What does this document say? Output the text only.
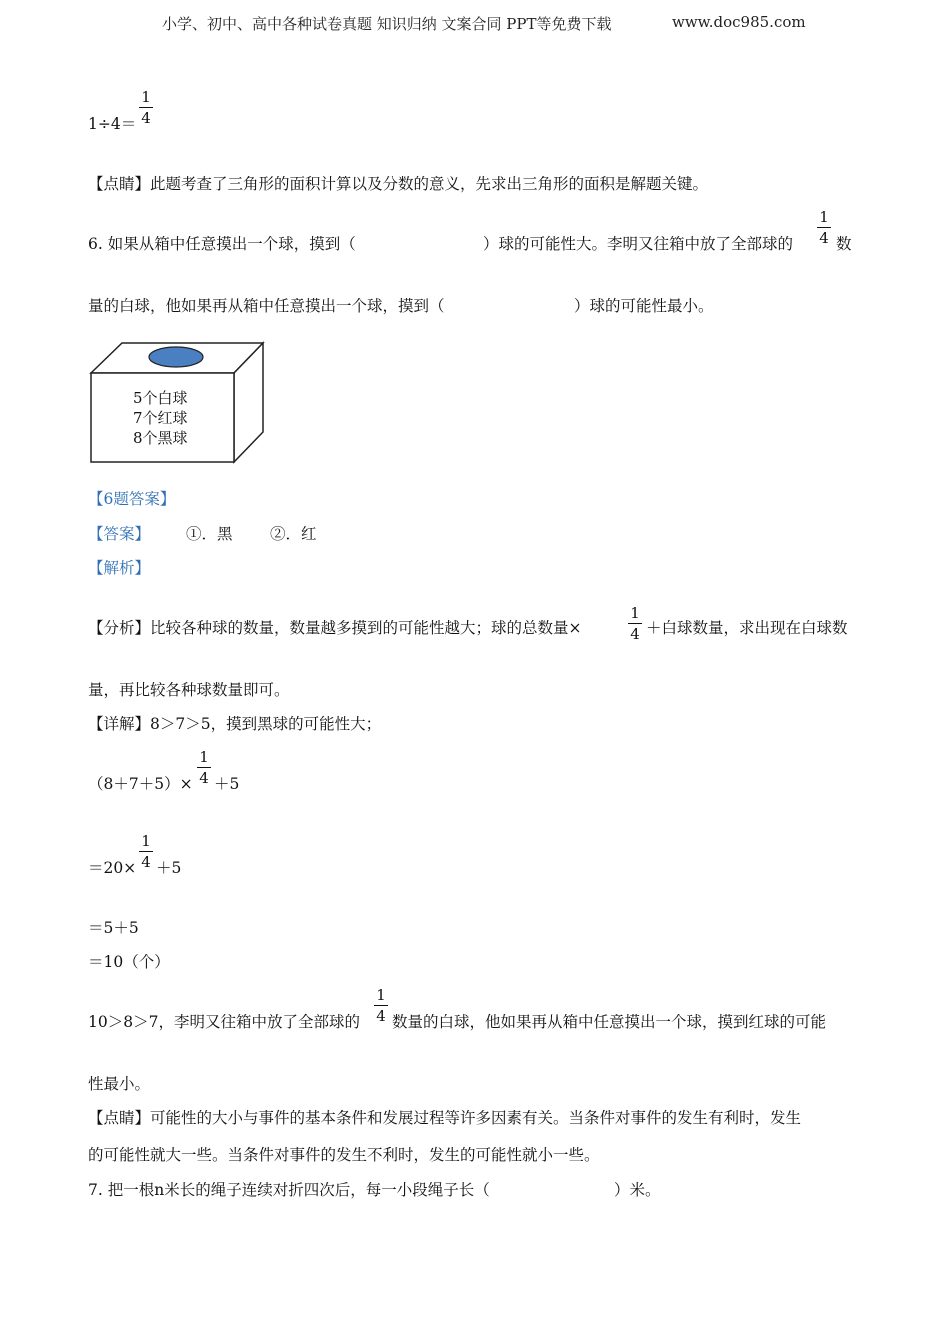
小学、初中、高中各种试卷真题 知识归纳 文案合同 PPT等免费下载	www.doc985.com
1÷4＝
1
4
【点睛】此题考查了三角形的面积计算以及分数的意义，先求出三角形的面积是解题关键。
6. 如果从箱中任意摸出一个球，摸到（	）球的可能性大。李明又往箱中放了全部球的
1
4 数
量的白球，他如果再从箱中任意摸出一个球，摸到（	）球的可能性最小。
5个白球
7个红球
8个黑球
【6题答案】
【答案】 ①．黑 ②．红
【解析】
【分析】比较各种球的数量，数量越多摸到的可能性越大；球的总数量×
1
4 ＋白球数量，求出现在白球数
量，再比较各种球数量即可。
【详解】8＞7＞5，摸到黑球的可能性大；
（8＋7＋5）×
1
4 ＋5
＝20×
1
4 ＋5
＝5＋5
＝10（个）
10＞8＞7，李明又往箱中放了全部球的
1
4 数量的白球，他如果再从箱中任意摸出一个球，摸到红球的可能
性最小。
【点睛】可能性的大小与事件的基本条件和发展过程等许多因素有关。当条件对事件的发生有利时，发生
的可能性就大一些。当条件对事件的发生不利时，发生的可能性就小一些。
7. 把一根n米长的绳子连续对折四次后，每一小段绳子长（	）米。
